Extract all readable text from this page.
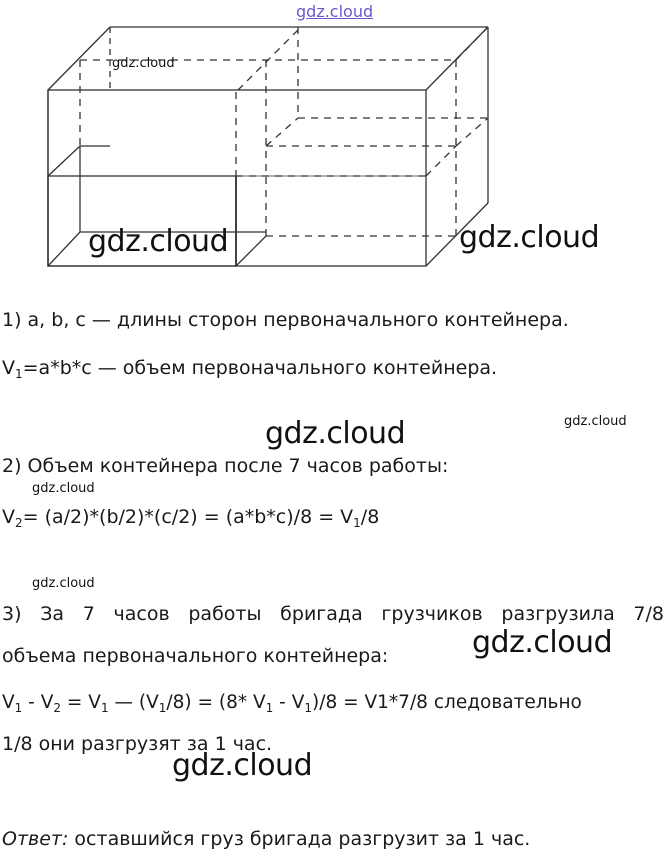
gdz.cloud
gdz.cloud
gdz.cloud	gdz.cloud
gdz.cloud	gdz.cloud
gdz.cloud
gdz.cloud
gdz.cloud
gdz.cloud
1) a, b, c — длины сторон первоначального контейнера.
$V_1=a*b*c$ — объем первоначального контейнера.
2) Объем контейнера после 7 часов работы:
$V_2= (a/2)*(b/2)*(c/2) = (a*b*c)/8 = V_1/8$
3) За 7 часов работы бригада грузчиков разгрузила 7/8
объема первоначального контейнера:
$V_1 - V_2 = V_1$ — $(V_1/8) = (8*$ $V_1 - V_1)/8 = V1*7/8$ следовательно
1/8 они разгрузят за 1 час.
Ответ: оставшийся груз бригада разгрузит за 1 час.
